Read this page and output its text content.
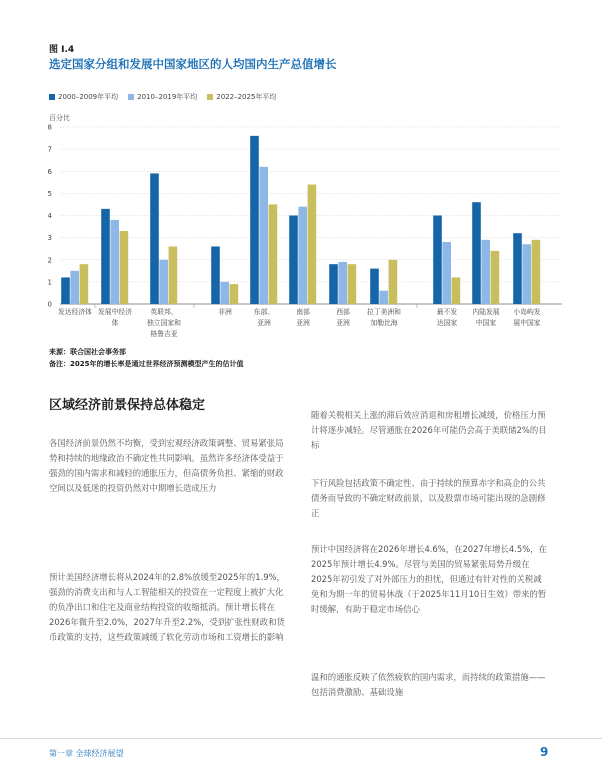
图 I.4
选定国家分组和发展中国家地区的人均国内生产总值增长
2000–2009年平均	2010–2019年平均	2022–2025年平均
百分比
0
1
2
3
4
5
6
7
8
发达经济体 发展中经济
体
英联邦、
独立国家和
格鲁吉亚
非洲	东部、
亚洲
南部
亚洲
西部
亚洲
拉丁美洲和
加勒比海
最不发
达国家
内陆发展
中国家
小岛屿发
展中国家
来源：联合国社会事务部
备注：2025年的增长率是通过世界经济预测模型产生的估计值
区域经济前景保持总体稳定
各国经济前景仍然不均衡，受到宏观经济政策调整、贸易紧张局势和持续的地缘政治不确定性共同影响。虽然许多经济体受益于强劲的国内需求和减轻的通胀压力，但高债务负担、紧缩的财政空间以及低迷的投资仍然对中期增长造成压力
预计美国经济增长将从2024年的2.8%放缓至2025年的1.9%，强劲的消费支出和与人工智能相关的投资在一定程度上被扩大化的负净出口和住宅及商业结构投资的收缩抵消。预计增长将在2026年微升至2.0%，2027年升至2.2%，受到扩张性财政和货币政策的支持，这些政策减缓了软化劳动市场和工资增长的影响
随着关税相关上涨的滞后效应消退和房租增长减缓，价格压力预计将逐步减轻。尽管通胀在2026年可能仍会高于美联储2%的目标
下行风险包括政策不确定性、由于持续的预算赤字和高企的公共债务而导致的不确定财政前景，以及股票市场可能出现的急剧修正
预计中国经济将在2026年增长4.6%，在2027年增长4.5%，在2025年预计增长4.9%。尽管与美国的贸易紧张局势升级在2025年初引发了对外部压力的担忧，但通过有针对性的关税减免和为期一年的贸易休战（于2025年11月10日生效）带来的暂时缓解，有助于稳定市场信心
温和的通胀反映了依然疲软的国内需求，而持续的政策措施——包括消费激励、基础设施
第一章 全球经济展望	9
